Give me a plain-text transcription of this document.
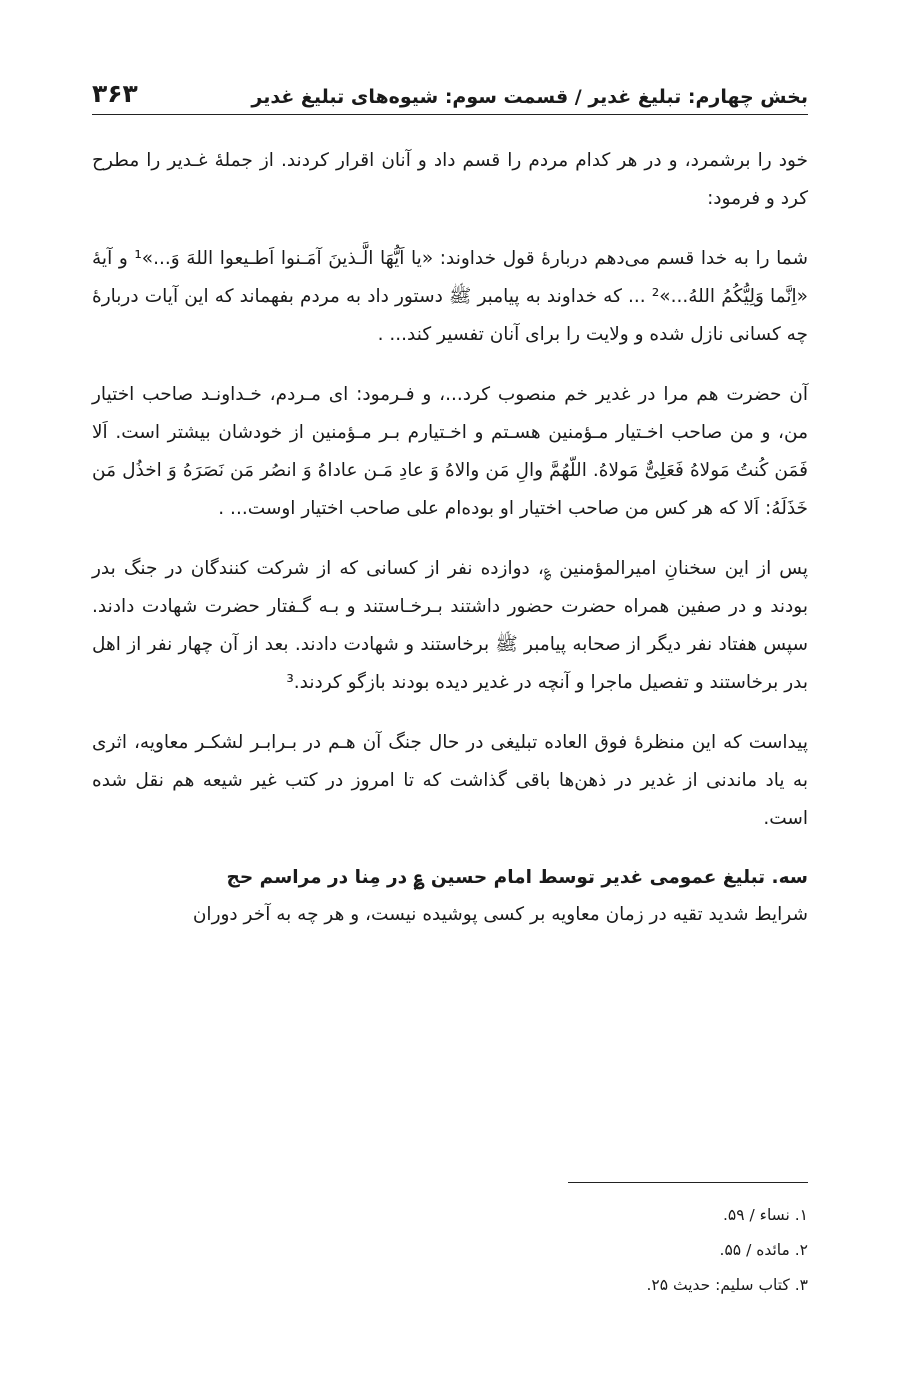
بخش چهارم: تبلیغ غدیر / قسمت سوم: شیوه‌های تبلیغ غدیر
۳۶۳

خود را برشمرد، و در هر کدام مردم را قسم داد و آنان اقرار کردند. از جملهٔ غـدیر را مطرح کرد و فرمود:

شما را به خدا قسم می‌دهم دربارهٔ قول خداوند: «یا اَیُّهَا الَّـذینَ آمَـنوا اَطـیعوا اللهَ وَ...»¹ و آیهٔ «اِنَّما وَلِیُّکُمُ اللهُ...»² ... که خداوند به پیامبر ﷺ دستور داد به مردم بفهماند که این آیات دربارهٔ چه کسانی نازل شده و ولایت را برای آنان تفسیر کند... .

آن حضرت هم مرا در غدیر خم منصوب کرد...، و فـرمود: ای مـردم، خـداونـد صاحب اختیار من، و من صاحب اخـتیار مـؤمنین هسـتم و اخـتیارم بـر مـؤمنین از خودشان بیشتر است. اَلا فَمَن کُنتُ مَولاهُ فَعَلِیٌّ مَولاهُ. اللّهُمَّ والِ مَن والاهُ وَ عادِ مَـن عاداهُ وَ انصُر مَن نَصَرَهُ وَ اخذُل مَن خَذَلَهُ: اَلا که هر کس من صاحب اختیار او بوده‌ام علی صاحب اختیار اوست... .

پس از این سخنانِ امیرالمؤمنین ؏، دوازده نفر از کسانی که از شرکت کنندگان در جنگ بدر بودند و در صفین همراه حضرت حضور داشتند بـرخـاستند و بـه گـفتار حضرت شهادت دادند. سپس هفتاد نفر دیگر از صحابه پیامبر ﷺ برخاستند و شهادت دادند. بعد از آن چهار نفر از اهل بدر برخاستند و تفصیل ماجرا و آنچه در غدیر دیده بودند بازگو کردند.³

پیداست که این منظرهٔ فوق العاده تبلیغی در حال جنگ آن هـم در بـرابـر لشکـر معاویه، اثری به یاد ماندنی از غدیر در ذهن‌ها باقی گذاشت که تا امروز در کتب غیر شیعه هم نقل شده است.

سه. تبلیغ عمومی غدیر توسط امام حسین ؏ در مِنا در مراسم حج

شرایط شدید تقیه در زمان معاویه بر کسی پوشیده نیست، و هر چه به آخر دوران

۱. نساء / ۵۹.
۲. مائده / ۵۵.
۳. کتاب سلیم: حدیث ۲۵.
